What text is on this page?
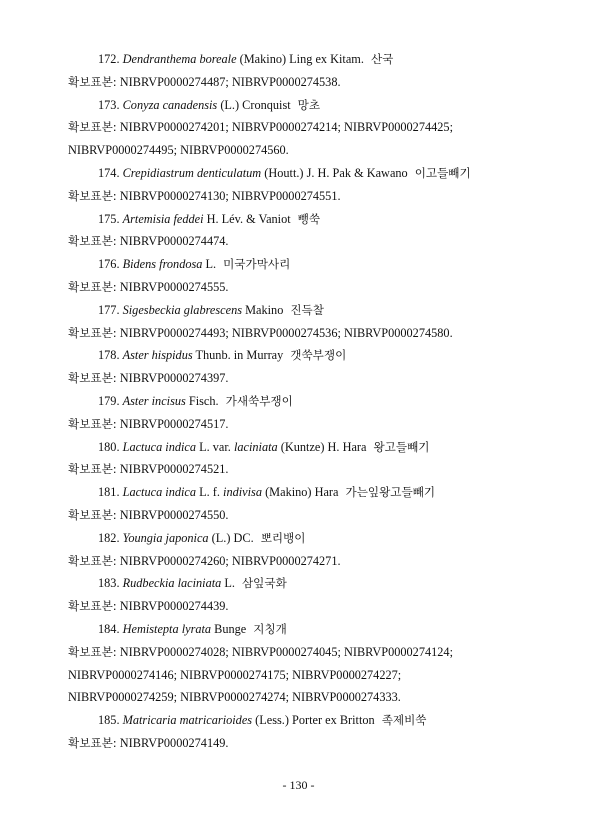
172. Dendranthema boreale (Makino) Ling ex Kitam. 산국
확보표본: NIBRVP0000274487; NIBRVP0000274538.
173. Conyza canadensis (L.) Cronquist 망초
확보표본: NIBRVP0000274201; NIBRVP0000274214; NIBRVP0000274425;
NIBRVP0000274495; NIBRVP0000274560.
174. Crepidiastrum denticulatum (Houtt.) J. H. Pak & Kawano 이고들빼기
확보표본: NIBRVP0000274130; NIBRVP0000274551.
175. Artemisia feddei H. Lév. & Vaniot 뺑쑥
확보표본: NIBRVP0000274474.
176. Bidens frondosa L. 미국가막사리
확보표본: NIBRVP0000274555.
177. Sigesbeckia glabrescens Makino 진득찰
확보표본: NIBRVP0000274493; NIBRVP0000274536; NIBRVP0000274580.
178. Aster hispidus Thunb. in Murray 갯쑥부쟁이
확보표본: NIBRVP0000274397.
179. Aster incisus Fisch. 가새쑥부쟁이
확보표본: NIBRVP0000274517.
180. Lactuca indica L. var. laciniata (Kuntze) H. Hara 왕고들빼기
확보표본: NIBRVP0000274521.
181. Lactuca indica L. f. indivisa (Makino) Hara 가는잎왕고들빼기
확보표본: NIBRVP0000274550.
182. Youngia japonica (L.) DC. 뽀리뱅이
확보표본: NIBRVP0000274260; NIBRVP0000274271.
183. Rudbeckia laciniata L. 삼잎국화
확보표본: NIBRVP0000274439.
184. Hemistepta lyrata Bunge 지칭개
확보표본: NIBRVP0000274028; NIBRVP0000274045; NIBRVP0000274124;
NIBRVP0000274146; NIBRVP0000274175; NIBRVP0000274227;
NIBRVP0000274259; NIBRVP0000274274; NIBRVP0000274333.
185. Matricaria matricarioides (Less.) Porter ex Britton 족제비쑥
확보표본: NIBRVP0000274149.
- 130 -
